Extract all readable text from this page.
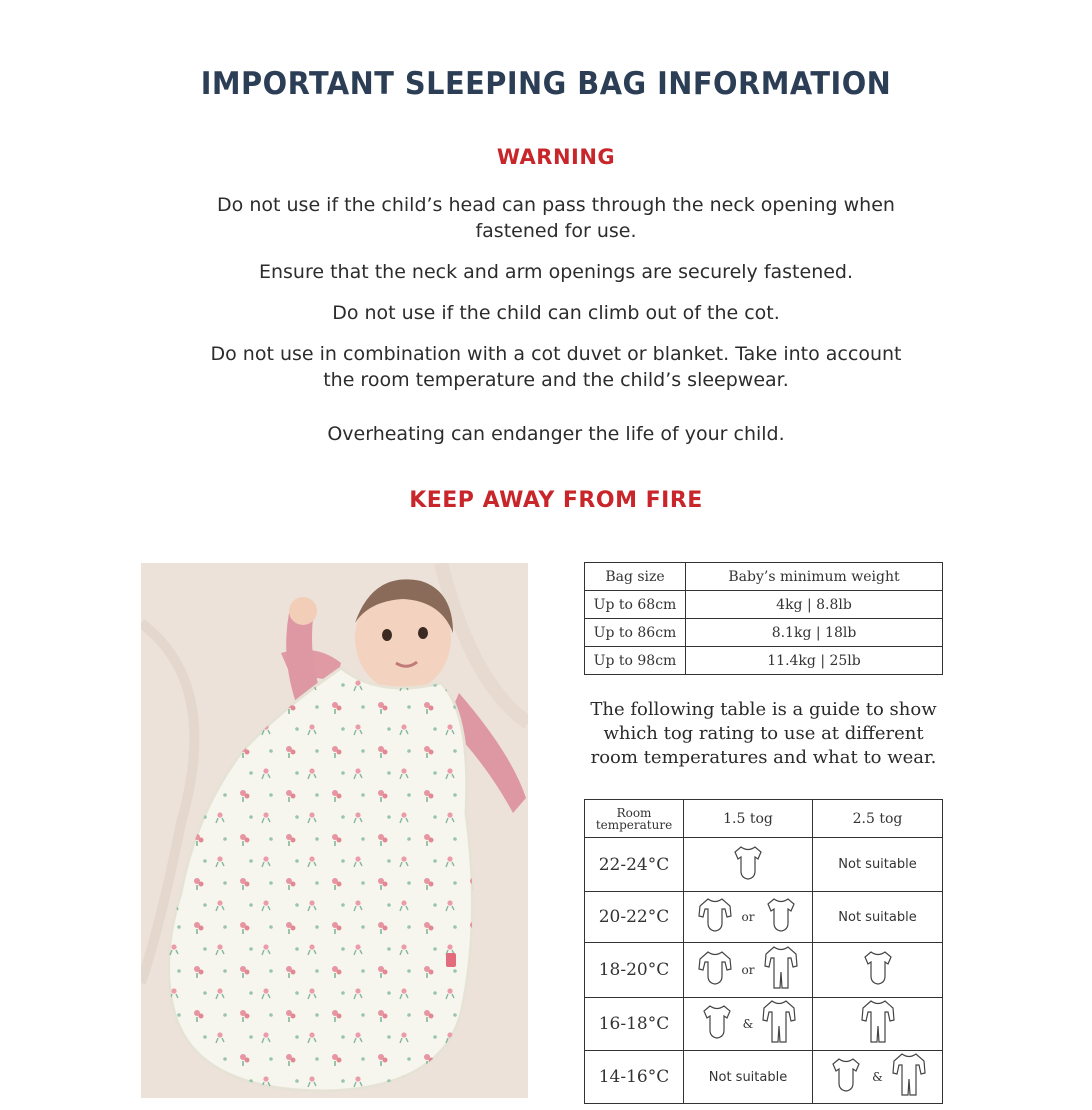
IMPORTANT SLEEPING BAG INFORMATION
WARNING
Do not use if the child’s head can pass through the neck opening when fastened for use.
Ensure that the neck and arm openings are securely fastened.
Do not use if the child can climb out of the cot.
Do not use in combination with a cot duvet or blanket. Take into account the room temperature and the child’s sleepwear.
Overheating can endanger the life of your child.
KEEP AWAY FROM FIRE
Bag size	Baby’s minimum weight
Up to 68cm	4kg | 8.8lb
Up to 86cm	8.1kg | 18lb
Up to 98cm	11.4kg | 25lb
The following table is a guide to show which tog rating to use at different room temperatures and what to wear.
Room temperature	1.5 tog	2.5 tog
22-24°C		Not suitable
20-22°C	or	Not suitable
18-20°C	or	
16-18°C	&	
14-16°C	Not suitable	&
